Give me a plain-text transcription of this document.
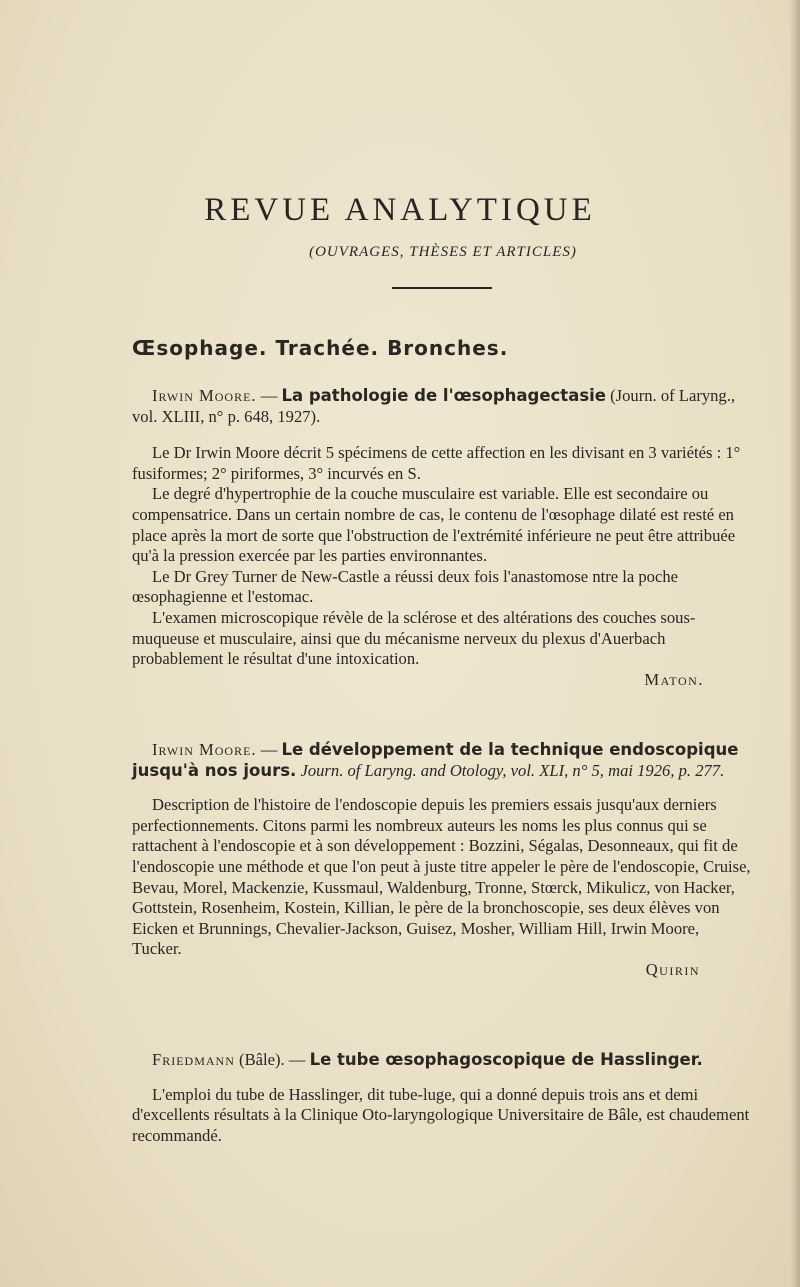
REVUE ANALYTIQUE
(OUVRAGES, THÈSES ET ARTICLES)
Œsophage. Trachée. Bronches.

Irwin Moore. — La pathologie de l'œsophagectasie (Journ. of Laryng., vol. XLIII, n° p. 648, 1927).

Le Dr Irwin Moore décrit 5 spécimens de cette affection en les divisant en 3 variétés : 1° fusiformes; 2° piriformes, 3° incurvés en S.

Le degré d'hypertrophie de la couche musculaire est variable. Elle est secondaire ou compensatrice. Dans un certain nombre de cas, le contenu de l'œsophage dilaté est resté en place après la mort de sorte que l'obstruction de l'extrémité inférieure ne peut être attribuée qu'à la pression exercée par les parties environnantes.

Le Dr Grey Turner de New-Castle a réussi deux fois l'anastomose ntre la poche œsophagienne et l'estomac.

L'examen microscopique révèle de la sclérose et des altérations des couches sous-muqueuse et musculaire, ainsi que du mécanisme nerveux du plexus d'Auerbach probablement le résultat d'une intoxication.

Maton.

Irwin Moore. — Le développement de la technique endoscopique jusqu'à nos jours. Journ. of Laryng. and Otology, vol. XLI, n° 5, mai 1926, p. 277.

Description de l'histoire de l'endoscopie depuis les premiers essais jusqu'aux derniers perfectionnements. Citons parmi les nombreux auteurs les noms les plus connus qui se rattachent à l'endoscopie et à son développement : Bozzini, Ségalas, Desonneaux, qui fit de l'endoscopie une méthode et que l'on peut à juste titre appeler le père de l'endoscopie, Cruise, Bevau, Morel, Mackenzie, Kussmaul, Waldenburg, Tronne, Stœrck, Mikulicz, von Hacker, Gottstein, Rosenheim, Kostein, Killian, le père de la bronchoscopie, ses deux élèves von Eicken et Brunnings, Chevalier-Jackson, Guisez, Mosher, William Hill, Irwin Moore, Tucker.

Quirin

Friedmann (Bâle). — Le tube œsophagoscopique de Hasslinger.

L'emploi du tube de Hasslinger, dit tube-luge, qui a donné depuis trois ans et demi d'excellents résultats à la Clinique Oto-laryngologique Universitaire de Bâle, est chaudement recommandé.
